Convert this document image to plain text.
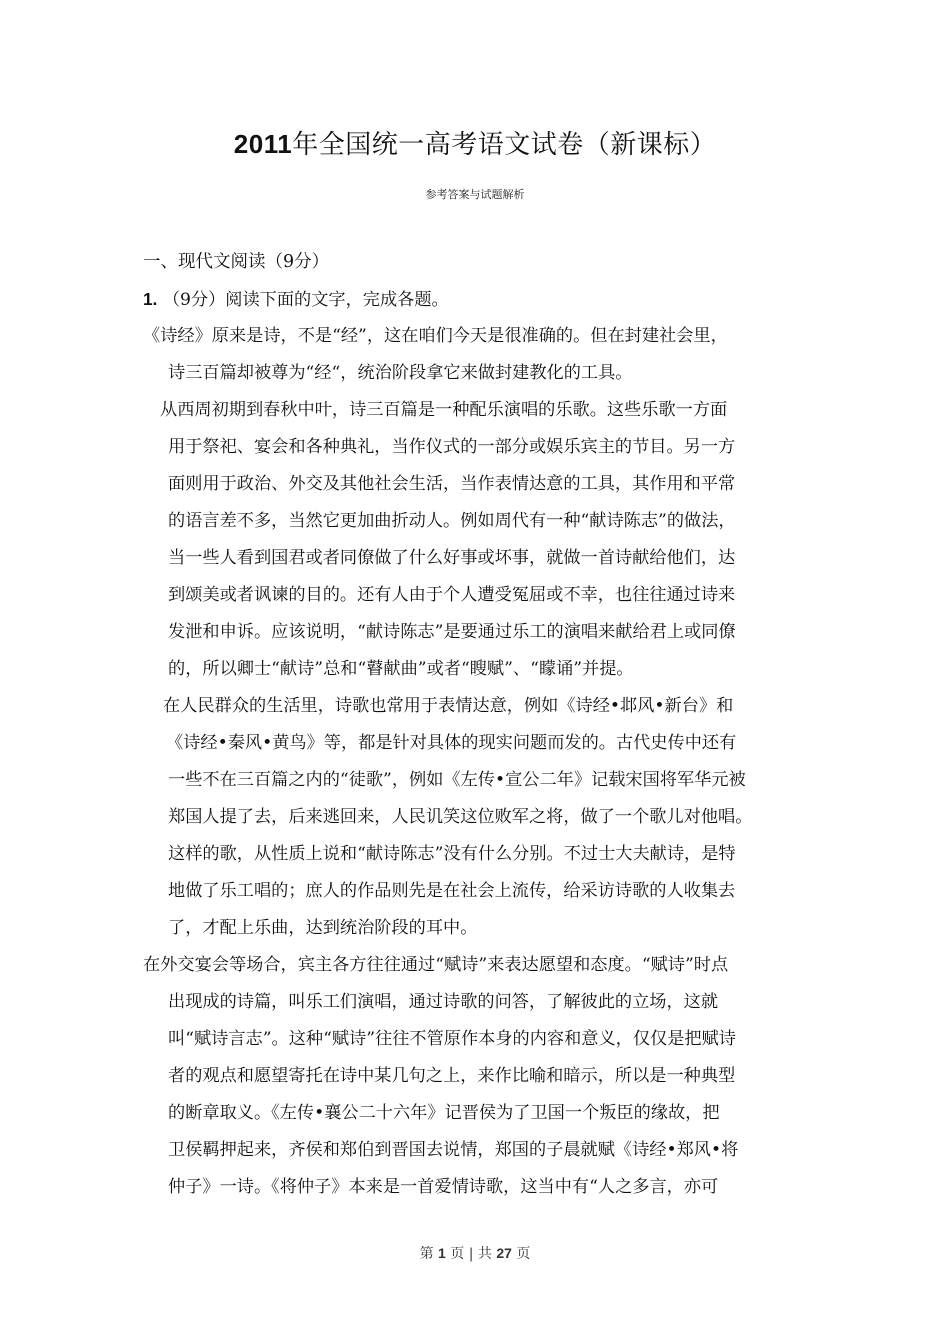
2011年全国统一高考语文试卷（新课标）
参考答案与试题解析
一、现代文阅读（9分）
1. （9分）阅读下面的文字，完成各题。
《诗经》原来是诗，不是“经”，这在咱们今天是很准确的。但在封建社会里，
诗三百篇却被尊为“经“，统治阶段拿它来做封建教化的工具。
从西周初期到春秋中叶，诗三百篇是一种配乐演唱的乐歌。这些乐歌一方面
用于祭祀、宴会和各种典礼，当作仪式的一部分或娱乐宾主的节目。另一方
面则用于政治、外交及其他社会生活，当作表情达意的工具，其作用和平常
的语言差不多，当然它更加曲折动人。例如周代有一种“献诗陈志”的做法，
当一些人看到国君或者同僚做了什么好事或坏事，就做一首诗献给他们，达
到颂美或者讽谏的目的。还有人由于个人遭受冤屈或不幸，也往往通过诗来
发泄和申诉。应该说明，“献诗陈志”是要通过乐工的演唱来献给君上或同僚
的，所以卿士“献诗”总和“瞽献曲”或者“瞍赋”、“矇诵”并提。
在人民群众的生活里，诗歌也常用于表情达意，例如《诗经•邶风•新台》和
《诗经•秦风•黄鸟》等，都是针对具体的现实问题而发的。古代史传中还有
一些不在三百篇之内的“徒歌”，例如《左传•宣公二年》记载宋国将军华元被
郑国人提了去，后来逃回来，人民讥笑这位败军之将，做了一个歌儿对他唱。
这样的歌，从性质上说和“献诗陈志”没有什么分别。不过士大夫献诗，是特
地做了乐工唱的；庶人的作品则先是在社会上流传，给采访诗歌的人收集去
了，才配上乐曲，达到统治阶段的耳中。
在外交宴会等场合，宾主各方往往通过“赋诗”来表达愿望和态度。“赋诗”时点
出现成的诗篇，叫乐工们演唱，通过诗歌的问答，了解彼此的立场，这就
叫“赋诗言志”。这种“赋诗”往往不管原作本身的内容和意义，仅仅是把赋诗
者的观点和愿望寄托在诗中某几句之上，来作比喻和暗示，所以是一种典型
的断章取义。《左传•襄公二十六年》记晋侯为了卫国一个叛臣的缘故，把
卫侯羁押起来，齐侯和郑伯到晋国去说情，郑国的子晨就赋《诗经•郑风•将
仲子》一诗。《将仲子》本来是一首爱情诗歌，这当中有“人之多言，亦可
第 1 页 | 共 27 页
